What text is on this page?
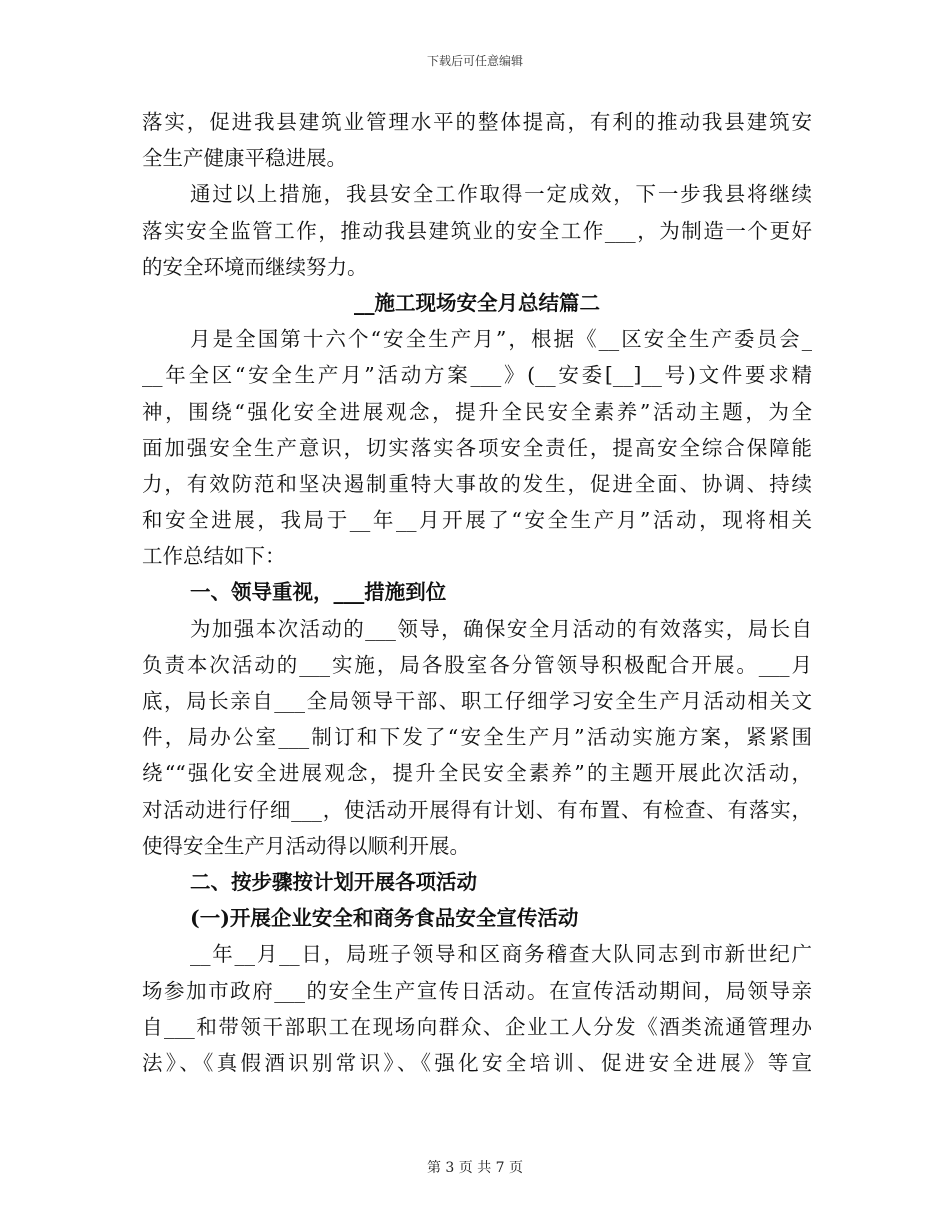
下载后可任意编辑
落实，促进我县建筑业管理水平的整体提高，有利的推动我县建筑安
全生产健康平稳进展。
通过以上措施，我县安全工作取得一定成效，下一步我县将继续
落实安全监管工作，推动我县建筑业的安全工作___，为制造一个更好
的安全环境而继续努力。
__施工现场安全月总结篇二
月是全国第十六个“安全生产月”，根据《__区安全生产委员会_
__年全区“安全生产月”活动方案___》(__安委[__]__号)文件要求精
神，围绕“强化安全进展观念，提升全民安全素养”活动主题，为全
面加强安全生产意识，切实落实各项安全责任，提高安全综合保障能
力，有效防范和坚决遏制重特大事故的发生，促进全面、协调、持续
和安全进展，我局于__年__月开展了“安全生产月”活动，现将相关
工作总结如下：
一、领导重视，___措施到位
为加强本次活动的___领导，确保安全月活动的有效落实，局长自
负责本次活动的___实施，局各股室各分管领导积极配合开展。___月
底，局长亲自___全局领导干部、职工仔细学习安全生产月活动相关文
件，局办公室___制订和下发了“安全生产月”活动实施方案，紧紧围
绕““强化安全进展观念，提升全民安全素养”的主题开展此次活动，
对活动进行仔细___，使活动开展得有计划、有布置、有检查、有落实，
使得安全生产月活动得以顺利开展。
二、按步骤按计划开展各项活动
(一)开展企业安全和商务食品安全宣传活动
__年__月__日，局班子领导和区商务稽查大队同志到市新世纪广
场参加市政府___的安全生产宣传日活动。在宣传活动期间，局领导亲
自___和带领干部职工在现场向群众、企业工人分发《酒类流通管理办
法》、《真假酒识别常识》、《强化安全培训、促进安全进展》等宣
第 3 页 共 7 页
